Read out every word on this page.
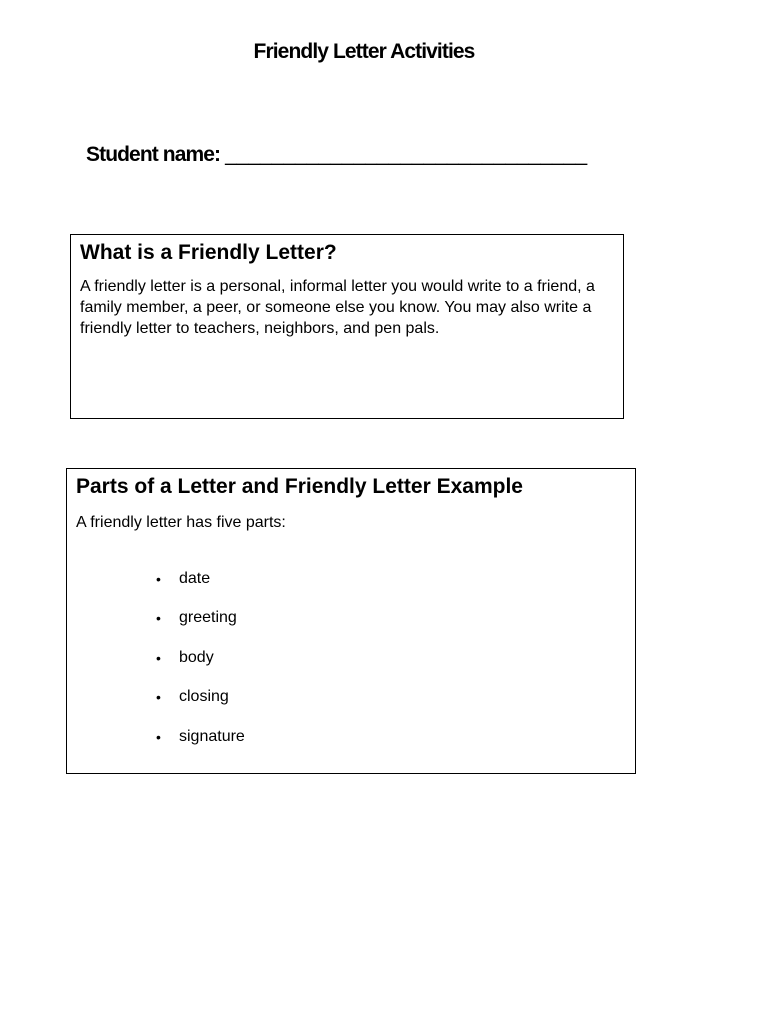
Friendly Letter Activities
Student name: _______________________________
What is a Friendly Letter?

A friendly letter is a personal, informal letter you would write to a friend, a family member, a peer, or someone else you know. You may also write a friendly letter to teachers, neighbors, and pen pals.

Parts of a Letter and Friendly Letter Example

A friendly letter has five parts:

•	date
•	greeting
•	body
•	closing
•	signature
